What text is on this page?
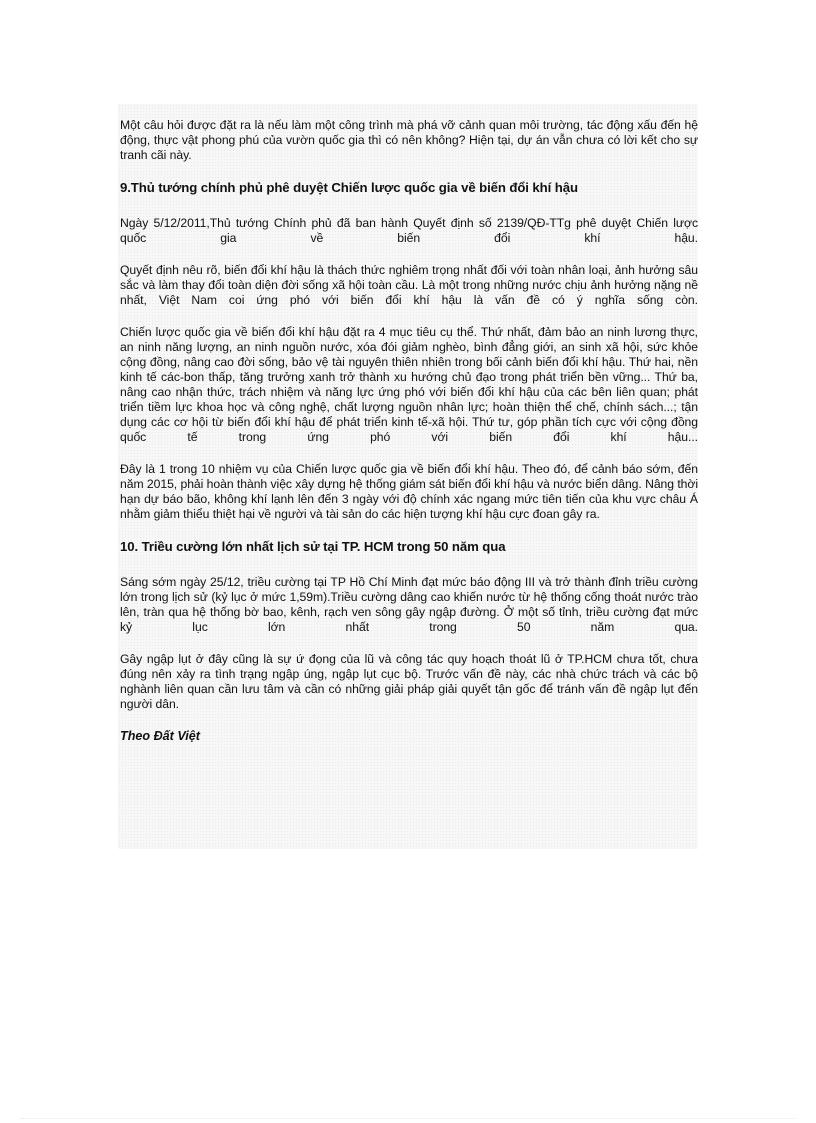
Một câu hỏi được đặt ra là nếu làm một công trình mà phá vỡ cảnh quan môi trường, tác động xấu đến hệ động, thực vật phong phú của vườn quốc gia thì có nên không? Hiện tại, dự án vẫn chưa có lời kết cho sự tranh cãi này.

9.Thủ tướng chính phủ phê duyệt Chiến lược quốc gia về biến đổi khí hậu

Ngày 5/12/2011,Thủ tướng Chính phủ đã ban hành Quyết định số 2139/QĐ-TTg phê duyệt Chiến lược quốc gia về biến đổi khí hậu.

Quyết định nêu rõ, biến đổi khí hậu là thách thức nghiêm trọng nhất đối với toàn nhân loại, ảnh hưởng sâu sắc và làm thay đổi toàn diện đời sống xã hội toàn cầu. Là một trong những nước chịu ảnh hưởng nặng nề nhất, Việt Nam coi ứng phó với biến đổi khí hậu là vấn đề có ý nghĩa sống còn.

Chiến lược quốc gia về biến đổi khí hậu đặt ra 4 mục tiêu cụ thể. Thứ nhất, đảm bảo an ninh lương thực, an ninh năng lượng, an ninh nguồn nước, xóa đói giảm nghèo, bình đẳng giới, an sinh xã hội, sức khỏe cộng đồng, nâng cao đời sống, bảo vệ tài nguyên thiên nhiên trong bối cảnh biến đổi khí hậu. Thứ hai, nền kinh tế các-bon thấp, tăng trưởng xanh trở thành xu hướng chủ đạo trong phát triển bền vững... Thứ ba, nâng cao nhận thức, trách nhiệm và năng lực ứng phó với biến đổi khí hậu của các bên liên quan; phát triển tiềm lực khoa học và công nghệ, chất lượng nguồn nhân lực; hoàn thiện thể chế, chính sách...; tận dụng các cơ hội từ biến đổi khí hậu để phát triển kinh tế-xã hội. Thứ tư, góp phần tích cực với cộng đồng quốc tế trong ứng phó với biến đổi khí hậu...

Đây là 1 trong 10 nhiệm vụ của Chiến lược quốc gia về biến đổi khí hậu. Theo đó, để cảnh báo sớm, đến năm 2015, phải hoàn thành việc xây dựng hệ thống giám sát biến đổi khí hậu và nước biển dâng. Nâng thời hạn dự báo bão, không khí lạnh lên đến 3 ngày với độ chính xác ngang mức tiên tiến của khu vực châu Á nhằm giảm thiểu thiệt hại về người và tài sản do các hiện tượng khí hậu cực đoan gây ra.

10. Triều cường lớn nhất lịch sử tại TP. HCM trong 50 năm qua

Sáng sớm ngày 25/12, triều cường tại TP Hồ Chí Minh đạt mức báo động III và trở thành đỉnh triều cường lớn trong lịch sử (kỷ lục ở mức 1,59m).Triều cường dâng cao khiến nước từ hệ thống cống thoát nước trào lên, tràn qua hệ thống bờ bao, kênh, rạch ven sông gây ngập đường. Ở một số tỉnh, triều cường đạt mức kỷ lục lớn nhất trong 50 năm qua.

Gây ngập lụt ở đây cũng là sự ứ đọng của lũ và công tác quy hoạch thoát lũ ở TP.HCM chưa tốt, chưa đúng nên xảy ra tình trạng ngập úng, ngập lụt cục bộ. Trước vấn đề này, các nhà chức trách và các bộ nghành liên quan cần lưu tâm và cần có những giải pháp giải quyết tận gốc để tránh vấn đề ngập lụt đến người dân.

Theo Đất Việt
